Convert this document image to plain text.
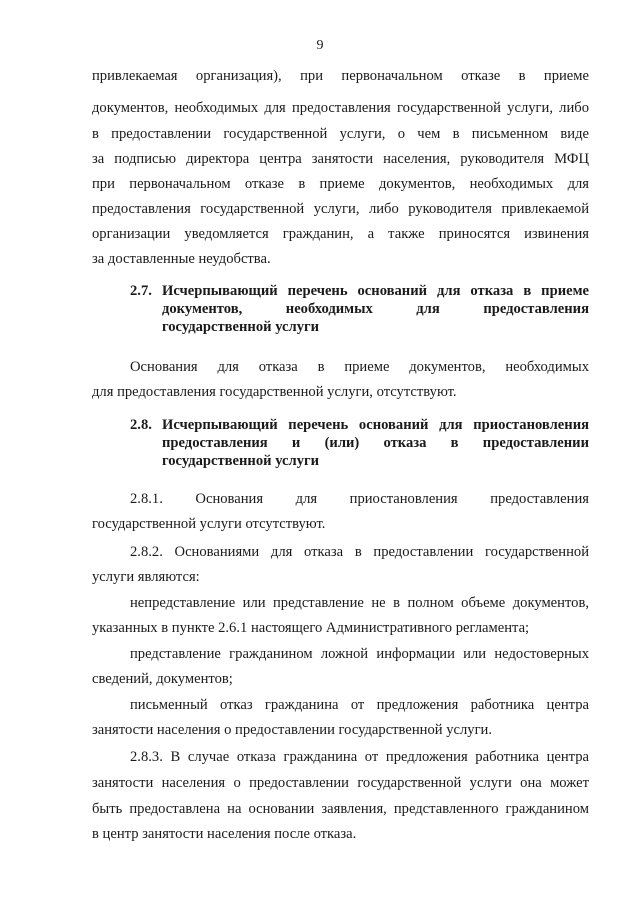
9
привлекаемая организация), при первоначальном отказе в приеме
документов, необходимых для предоставления государственной услуги, либо
в предоставлении государственной услуги, о чем в письменном виде
за подписью директора центра занятости населения, руководителя МФЦ
при первоначальном отказе в приеме документов, необходимых для
предоставления государственной услуги, либо руководителя привлекаемой
организации уведомляется гражданин, а также приносятся извинения
за доставленные неудобства.
2.7. Исчерпывающий перечень оснований для отказа в приеме
документов, необходимых для предоставления
государственной услуги
Основания для отказа в приеме документов, необходимых
для предоставления государственной услуги, отсутствуют.
2.8. Исчерпывающий перечень оснований для приостановления
предоставления и (или) отказа в предоставлении
государственной услуги
2.8.1. Основания для приостановления предоставления
государственной услуги отсутствуют.
2.8.2. Основаниями для отказа в предоставлении государственной
услуги являются:
непредставление или представление не в полном объеме документов,
указанных в пункте 2.6.1 настоящего Административного регламента;
представление гражданином ложной информации или недостоверных
сведений, документов;
письменный отказ гражданина от предложения работника центра
занятости населения о предоставлении государственной услуги.
2.8.3. В случае отказа гражданина от предложения работника центра
занятости населения о предоставлении государственной услуги она может
быть предоставлена на основании заявления, представленного гражданином
в центр занятости населения после отказа.
